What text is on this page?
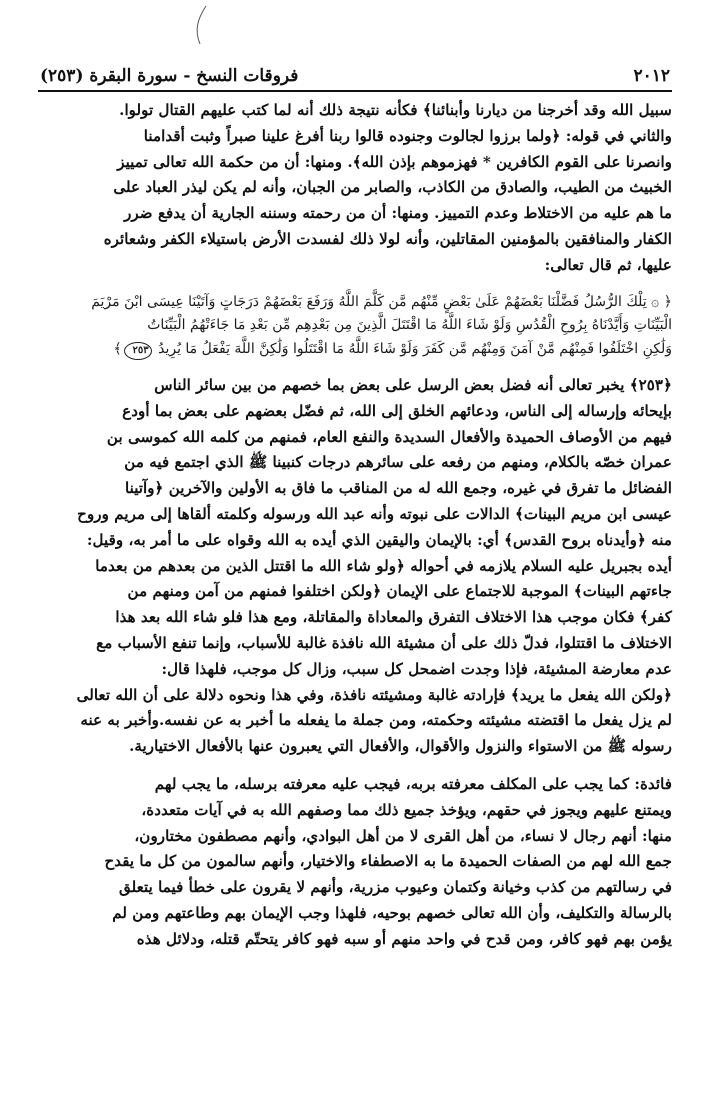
٢٠١٢
فروقات النسخ - سورة البقرة (٢٥٣)

سبيل الله وقد أخرجنا من ديارنا وأبنائنا﴾ فكأنه نتيجة ذلك أنه لما كتب عليهم القتال تولوا.

والثاني في قوله: ﴿ولما برزوا لجالوت وجنوده قالوا ربنا أفرغ علينا صبراً وثبت أقدامنا

وانصرنا على القوم الكافرين * فهزموهم بإذن الله﴾. ومنها: أن من حكمة الله تعالى تمييز

الخبيث من الطيب، والصادق من الكاذب، والصابر من الجبان، وأنه لم يكن ليذر العباد على

ما هم عليه من الاختلاط وعدم التمييز. ومنها: أن من رحمته وسننه الجارية أن يدفع ضرر

الكفار والمنافقين بالمؤمنين المقاتلين، وأنه لولا ذلك لفسدت الأرض باستيلاء الكفر وشعائره

عليها، ثم قال تعالى:

﴿ ۞ تِلْكَ الرُّسُلُ فَضَّلْنَا بَعْضَهُمْ عَلَىٰ بَعْضٍ مِّنْهُم مَّن كَلَّمَ اللَّهُ وَرَفَعَ بَعْضَهُمْ دَرَجَاتٍ وَآتَيْنَا عِيسَى ابْنَ مَرْيَمَ

الْبَيِّنَاتِ وَأَيَّدْنَاهُ بِرُوحِ الْقُدُسِ وَلَوْ شَاءَ اللَّهُ مَا اقْتَتَلَ الَّذِينَ مِن بَعْدِهِم مِّن بَعْدِ مَا جَاءَتْهُمُ الْبَيِّنَاتُ

وَلَٰكِنِ اخْتَلَفُوا فَمِنْهُم مَّنْ آمَنَ وَمِنْهُم مَّن كَفَرَ وَلَوْ شَاءَ اللَّهُ مَا اقْتَتَلُوا وَلَٰكِنَّ اللَّهَ يَفْعَلُ مَا يُرِيدُ ٢٥٣﴾

﴿٢٥٣﴾ يخبر تعالى أنه فضل بعض الرسل على بعض بما خصهم من بين سائر الناس

بإيحائه وإرساله إلى الناس، ودعائهم الخلق إلى الله، ثم فضّل بعضهم على بعض بما أودع

فيهم من الأوصاف الحميدة والأفعال السديدة والنفع العام، فمنهم من كلمه الله كموسى بن

عمران خصّه بالكلام، ومنهم من رفعه على سائرهم درجات كنبينا ﷺ الذي اجتمع فيه من

الفضائل ما تفرق في غيره، وجمع الله له من المناقب ما فاق به الأولين والآخرين ﴿وآتينا

عيسى ابن مريم البينات﴾ الدالات على نبوته وأنه عبد الله ورسوله وكلمته ألقاها إلى مريم وروح

منه ﴿وأيدناه بروح القدس﴾ أي: بالإيمان واليقين الذي أيده به الله وقواه على ما أمر به، وقيل:

أيده بجبريل عليه السلام يلازمه في أحواله ﴿ولو شاء الله ما اقتتل الذين من بعدهم من بعدما

جاءتهم البينات﴾ الموجبة للاجتماع على الإيمان ﴿ولكن اختلفوا فمنهم من آمن ومنهم من

كفر﴾ فكان موجب هذا الاختلاف التفرق والمعاداة والمقاتلة، ومع هذا فلو شاء الله بعد هذا

الاختلاف ما اقتتلوا، فدلّ ذلك على أن مشيئة الله نافذة غالبة للأسباب، وإنما تنفع الأسباب مع

عدم معارضة المشيئة، فإذا وجدت اضمحل كل سبب، وزال كل موجب، فلهذا قال:

﴿ولكن الله يفعل ما يريد﴾ فإرادته غالبة ومشيئته نافذة، وفي هذا ونحوه دلالة على أن الله تعالى

لم يزل يفعل ما اقتضته مشيئته وحكمته، ومن جملة ما يفعله ما أخبر به عن نفسه.وأخبر به عنه

رسوله ﷺ من الاستواء والنزول والأقوال، والأفعال التي يعبرون عنها بالأفعال الاختيارية.

فائدة: كما يجب على المكلف معرفته بربه، فيجب عليه معرفته برسله، ما يجب لهم

ويمتنع عليهم ويجوز في حقهم، ويؤخذ جميع ذلك مما وصفهم الله به في آيات متعددة،

منها: أنهم رجال لا نساء، من أهل القرى لا من أهل البوادي، وأنهم مصطفون مختارون،

جمع الله لهم من الصفات الحميدة ما به الاصطفاء والاختيار، وأنهم سالمون من كل ما يقدح

في رسالتهم من كذب وخيانة وكتمان وعيوب مزرية، وأنهم لا يقرون على خطأ فيما يتعلق

بالرسالة والتكليف، وأن الله تعالى خصهم بوحيه، فلهذا وجب الإيمان بهم وطاعتهم ومن لم

يؤمن بهم فهو كافر، ومن قدح في واحد منهم أو سبه فهو كافر يتحتّم قتله، ودلائل هذه
